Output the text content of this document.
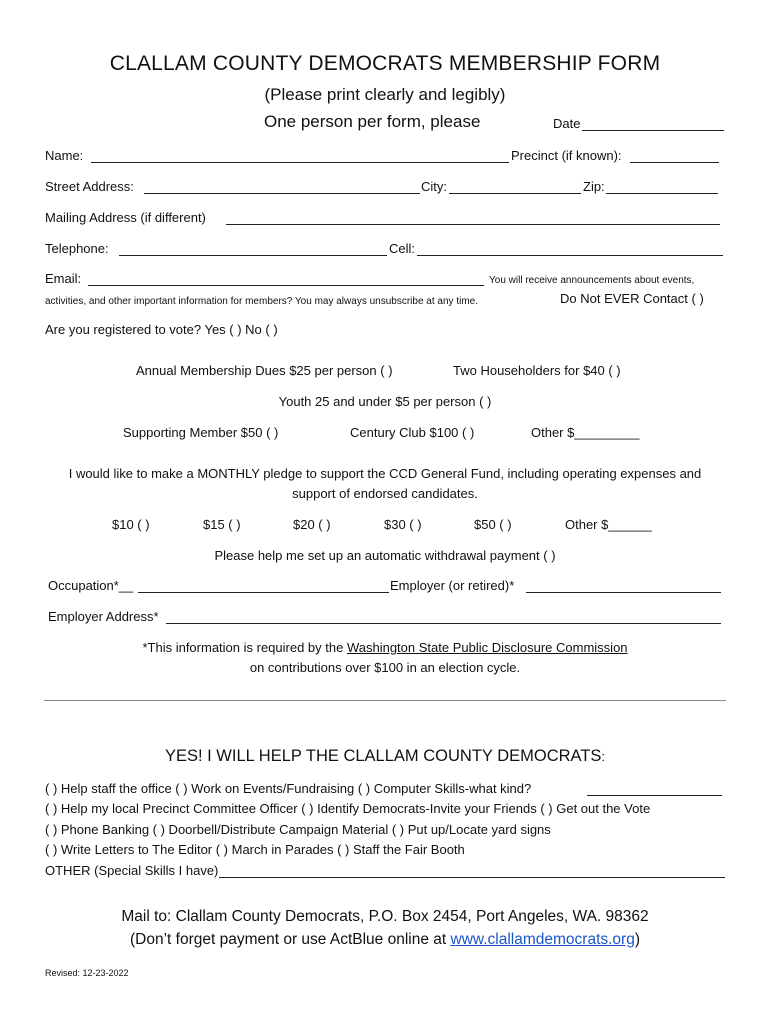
CLALLAM COUNTY DEMOCRATS MEMBERSHIP FORM
(Please print clearly and legibly)
One person per form, please	Date
Name:	Precinct (if known):
Street Address:	City:	Zip:
Mailing Address (if different)
Telephone:	Cell:
Email:	You will receive announcements about events,
activities, and other important information for members? You may always unsubscribe at any time.	Do Not EVER Contact ( )
Are you registered to vote? Yes ( ) No ( )
Annual Membership Dues $25 per person ( )	Two Householders for $40 ( )
Youth 25 and under $5 per person ( )
Supporting Member $50 ( )	Century Club $100 ( )	Other $_________
I would like to make a MONTHLY pledge to support the CCD General Fund, including operating expenses and
support of endorsed candidates.
$10 ( )	$15 ( )	$20 ( )	$30 ( )	$50 ( )	Other $______
Please help me set up an automatic withdrawal payment ( )
Occupation*__	Employer (or retired)*
Employer Address*
*This information is required by the Washington State Public Disclosure Commission
on contributions over $100 in an election cycle.
YES! I WILL HELP THE CLALLAM COUNTY DEMOCRATS:
( ) Help staff the office ( ) Work on Events/Fundraising ( ) Computer Skills-what kind?
( ) Help my local Precinct Committee Officer ( ) Identify Democrats-Invite your Friends ( ) Get out the Vote
( ) Phone Banking ( ) Doorbell/Distribute Campaign Material ( ) Put up/Locate yard signs
( ) Write Letters to The Editor ( ) March in Parades ( ) Staff the Fair Booth
OTHER (Special Skills I have)
Mail to: Clallam County Democrats, P.O. Box 2454, Port Angeles, WA. 98362
(Don’t forget payment or use ActBlue online at www.clallamdemocrats.org)
Revised: 12-23-2022
